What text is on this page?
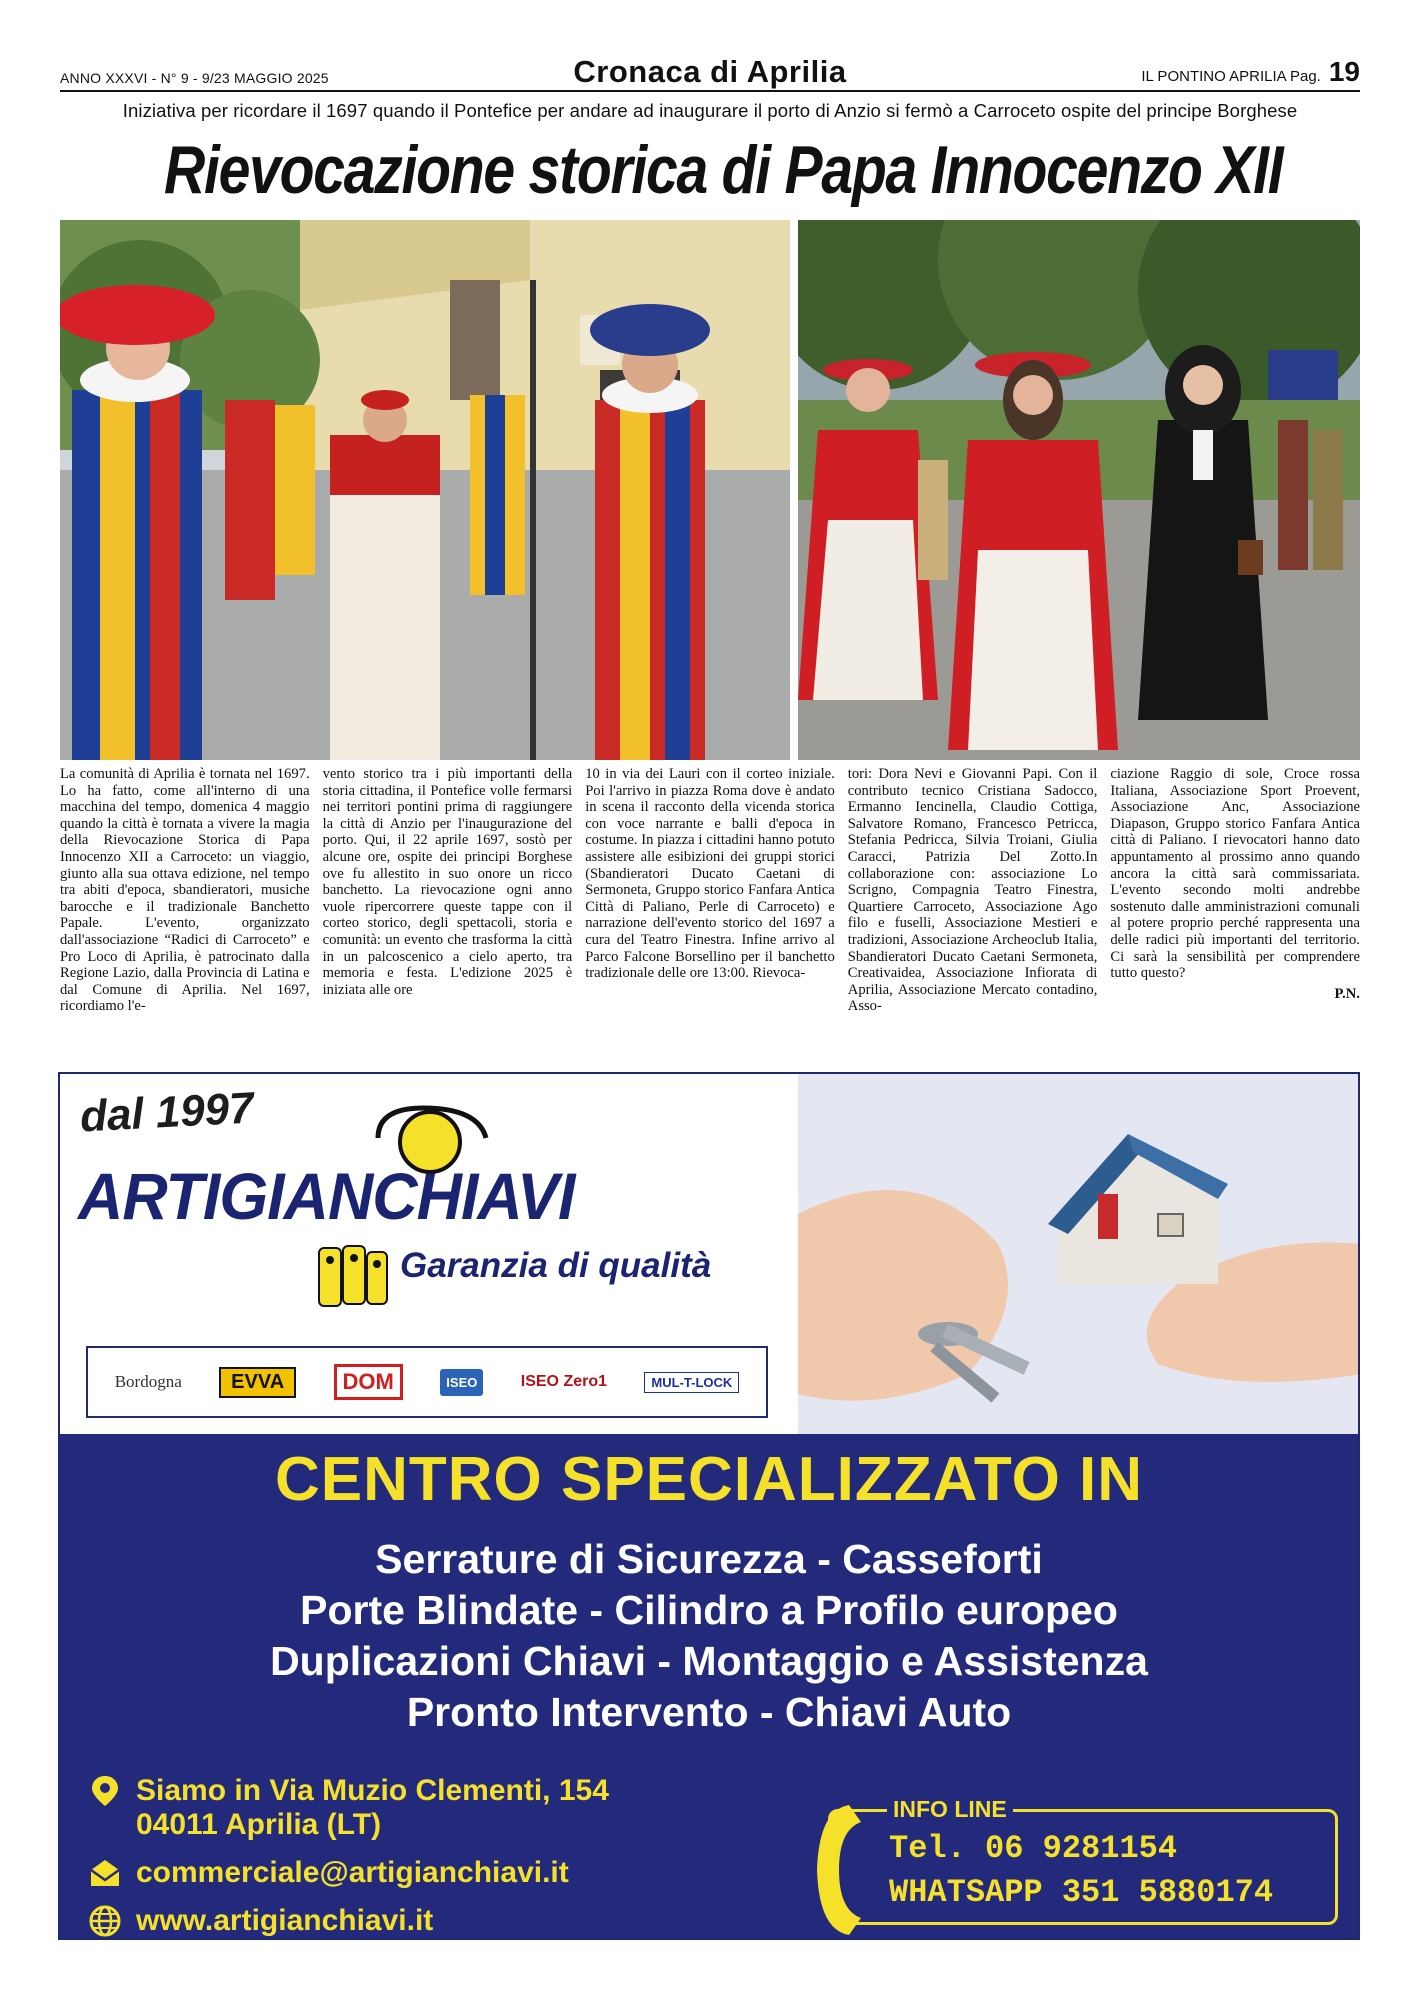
ANNO XXXVI - N° 9 - 9/23 MAGGIO 2025	Cronaca di Aprilia	IL PONTINO APRILIA Pag. 19
Iniziativa per ricordare il 1697 quando il Pontefice per andare ad inaugurare il porto di Anzio si fermò a Carroceto ospite del principe Borghese
Rievocazione storica di Papa Innocenzo XII

La comunità di Aprilia è tornata nel 1697. Lo ha fatto, come all'interno di una macchina del tempo, domenica 4 maggio quando la città è tornata a vivere la magia della Rievocazione Storica di Papa Innocenzo XII a Carroceto: un viaggio, giunto alla sua ottava edizione, nel tempo tra abiti d'epoca, sbandieratori, musiche barocche e il tradizionale Banchetto Papale. L'evento, organizzato dall'associazione “Radici di Carroceto” e Pro Loco di Aprilia, è patrocinato dalla Regione Lazio, dalla Provincia di Latina e dal Comune di Aprilia. Nel 1697, ricordiamo l'e-

vento storico tra i più importanti della storia cittadina, il Pontefice volle fermarsi nei territori pontini prima di raggiungere la città di Anzio per l'inaugurazione del porto. Qui, il 22 aprile 1697, sostò per alcune ore, ospite dei principi Borghese ove fu allestito in suo onore un ricco banchetto. La rievocazione ogni anno vuole ripercorrere queste tappe con il corteo storico, degli spettacoli, storia e comunità: un evento che trasforma la città in un palcoscenico a cielo aperto, tra memoria e festa. L'edizione 2025 è iniziata alle ore

10 in via dei Lauri con il corteo iniziale. Poi l'arrivo in piazza Roma dove è andato in scena il racconto della vicenda storica con voce narrante e balli d'epoca in costume. In piazza i cittadini hanno potuto assistere alle esibizioni dei gruppi storici (Sbandieratori Ducato Caetani di Sermoneta, Gruppo storico Fanfara Antica Città di Paliano, Perle di Carroceto) e narrazione dell'evento storico del 1697 a cura del Teatro Finestra. Infine arrivo al Parco Falcone Borsellino per il banchetto tradizionale delle ore 13:00. Rievoca-

tori: Dora Nevi e Giovanni Papi. Con il contributo tecnico Cristiana Sadocco, Ermanno Iencinella, Claudio Cottiga, Salvatore Romano, Francesco Petricca, Stefania Pedricca, Silvia Troiani, Giulia Caracci, Patrizia Del Zotto.In collaborazione con: associazione Lo Scrigno, Compagnia Teatro Finestra, Quartiere Carroceto, Associazione Ago filo e fuselli, Associazione Mestieri e tradizioni, Associazione Archeoclub Italia, Sbandieratori Ducato Caetani Sermoneta, Creativaidea, Associazione Infiorata di Aprilia, Associazione Mercato contadino, Asso-

ciazione Raggio di sole, Croce rossa Italiana, Associazione Sport Proevent, Associazione Anc, Associazione Diapason, Gruppo storico Fanfara Antica città di Paliano. I rievocatori hanno dato appuntamento al prossimo anno quando ancora la città sarà commissariata. L'evento secondo molti andrebbe sostenuto dalle amministrazioni comunali al potere proprio perché rappresenta una delle radici più importanti del territorio. Ci sarà la sensibilità per comprendere tutto questo?

P.N.
dal 1997
ARTIGIANCHIAVI
Garanzia di qualità
Bordogna	EVVA	DOM	ISEO	ISEO Zero1	MUL-T-LOCK
CENTRO SPECIALIZZATO IN
Serrature di Sicurezza - Casseforti
Porte Blindate - Cilindro a Profilo europeo
Duplicazioni Chiavi - Montaggio e Assistenza
Pronto Intervento - Chiavi Auto
Siamo in Via Muzio Clementi, 154
04011 Aprilia (LT)
commerciale@artigianchiavi.it
www.artigianchiavi.it
INFO LINE
Tel. 06 9281154
WHATSAPP 351 5880174
